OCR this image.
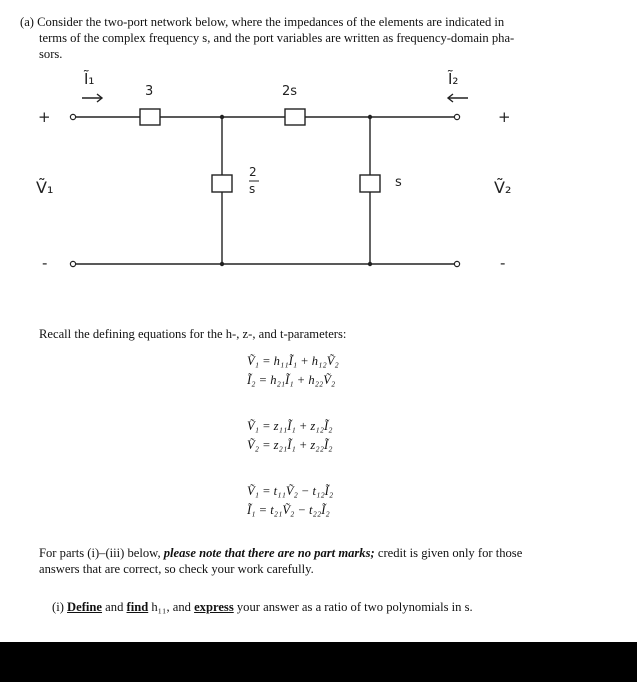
(a) Consider the two-port network below, where the impedances of the elements are indicated in
terms of the complex frequency s, and the port variables are written as frequency-domain pha-
sors.
Ĩ₁	Ĩ₂
3	2s
2
s	s
+
Ṽ₁
-
+
Ṽ₂
-
Recall the defining equations for the h-, z-, and t-parameters:
Ṽ₁ = h₁₁Ĩ₁ + h₁₂Ṽ₂
Ĩ₂ = h₂₁Ĩ₁ + h₂₂Ṽ₂
Ṽ₁ = z₁₁Ĩ₁ + z₁₂Ĩ₂
Ṽ₂ = z₂₁Ĩ₁ + z₂₂Ĩ₂
Ṽ₁ = t₁₁Ṽ₂ − t₁₂Ĩ₂
Ĩ₁ = t₂₁Ṽ₂ − t₂₂Ĩ₂
For parts (i)–(iii) below, please note that there are no part marks; credit is given only for those
answers that are correct, so check your work carefully.
(i) Define and find h₁₁, and express your answer as a ratio of two polynomials in s.
